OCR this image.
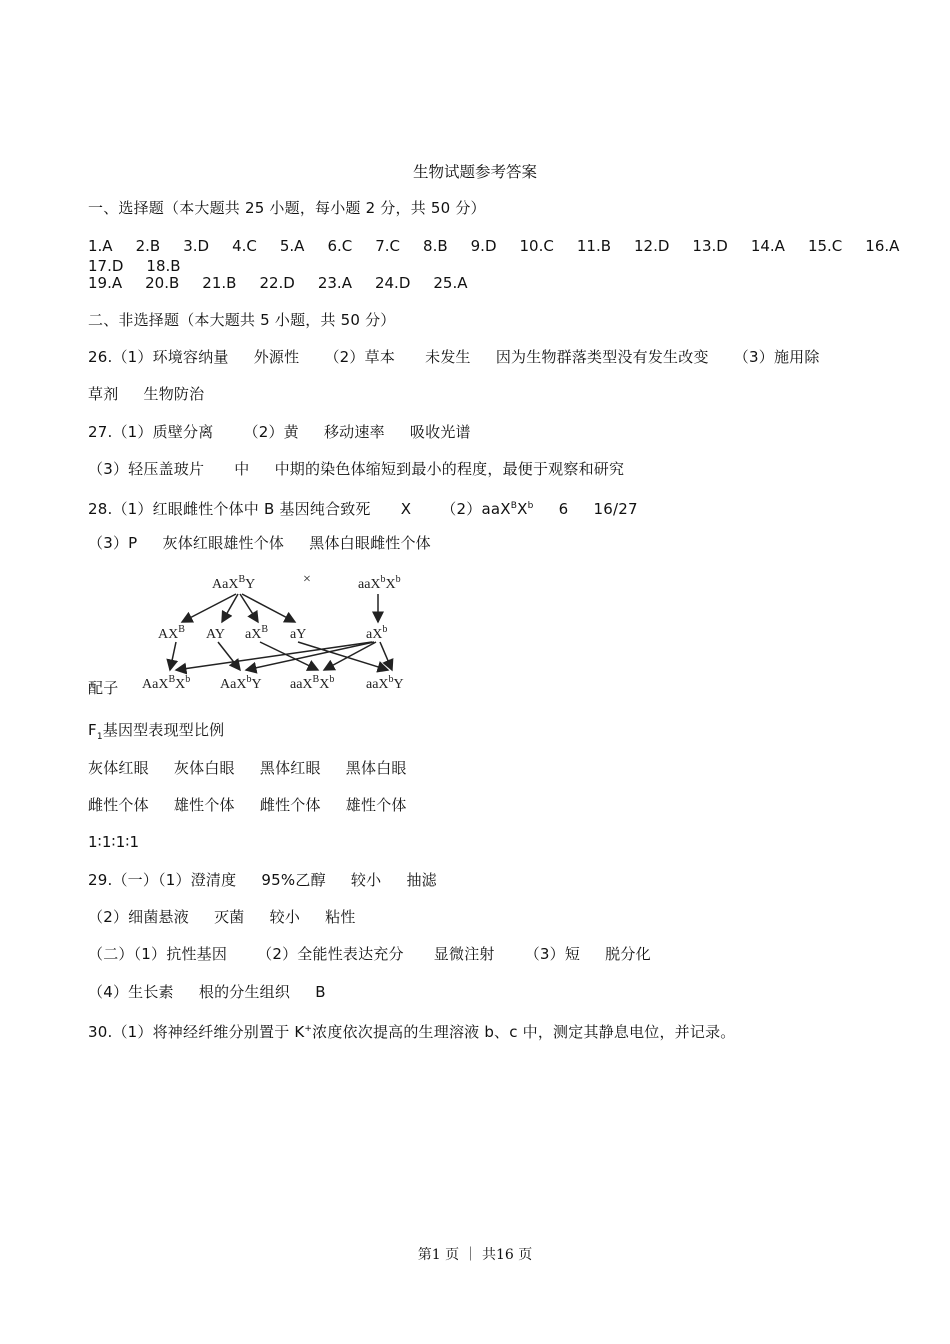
生物试题参考答案
一、选择题（本大题共 25 小题，每小题 2 分，共 50 分）
1.A 2.B 3.D 4.C 5.A 6.C 7.C 8.B 9.D 10.C 11.B 12.D 13.D 14.A 15.C 16.A17.D 18.B
19.A 20.B 21.B 22.D 23.A 24.D 25.A
二、非选择题（本大题共 5 小题，共 50 分）
26.（1）环境容纳量　  外源性　  （2）草本　   未发生　  因为生物群落类型没有发生改变　  （3）施用除
草剂　  生物防治
27.（1）质壁分离　   （2）黄　  移动速率　  吸收光谱
（3）轻压盖玻片　   中　  中期的染色体缩短到最小的程度，最便于观察和研究
28.（1）红眼雌性个体中 B 基因纯合致死　   X　   $(2)aaX^BX^b$　  6　  16/27
（3）P　  灰体红眼雄性个体　  黑体白眼雌性个体
AaX$^B$Y	×	$aaX^bX^b$
$AX^B$ AY $aX^B$ aY	$aX^b$
$AaX^BX^b$ AaX$^b$Y $aaX^BX^b$ aaX$^b$Y
配子
$F_1$基因型表现型比例
灰体红眼　  灰体白眼　  黑体红眼　  黑体白眼
雌性个体　  雄性个体　  雌性个体　  雄性个体
1∶1∶1∶1
29.（一）（1）澄清度　  95%乙醇　  较小　  抽滤
（2）细菌悬液　  灭菌　  较小　  粘性
（二）（1）抗性基因　   （2）全能性表达充分　   显微注射　   （3）短　  脱分化
（4）生长素　  根的分生组织　  B
30.（1）将神经纤维分别置于 K+浓度依次提高的生理溶液 b、c 中，测定其静息电位，并记录。
第1 页 ｜ 共16 页
